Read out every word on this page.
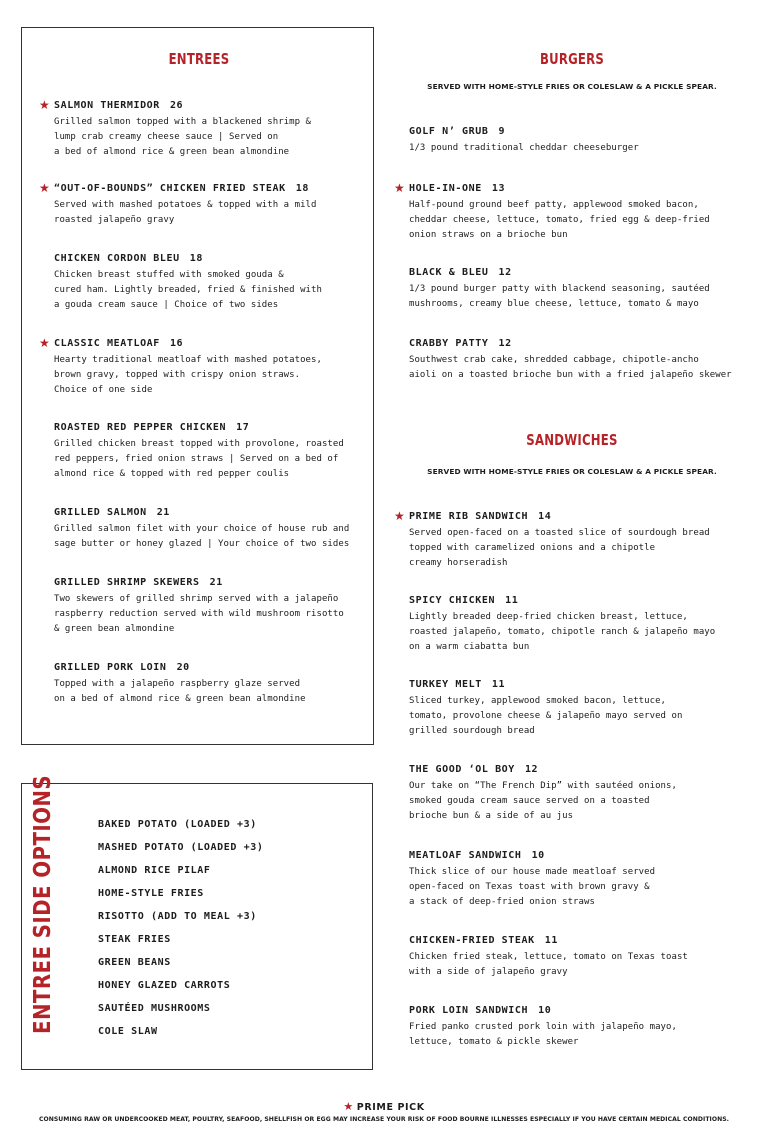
ENTREES
★ SALMON THERMIDOR 26
Grilled salmon topped with a blackened shrimp &
lump crab creamy cheese sauce | Served on
a bed of almond rice & green bean almondine
★ “OUT-OF-BOUNDS” CHICKEN FRIED STEAK 18
Served with mashed potatoes & topped with a mild
roasted jalapeño gravy
CHICKEN CORDON BLEU 18
Chicken breast stuffed with smoked gouda &
cured ham. Lightly breaded, fried & finished with
a gouda cream sauce | Choice of two sides
★ CLASSIC MEATLOAF 16
Hearty traditional meatloaf with mashed potatoes,
brown gravy, topped with crispy onion straws.
Choice of one side
ROASTED RED PEPPER CHICKEN 17
Grilled chicken breast topped with provolone, roasted
red peppers, fried onion straws | Served on a bed of
almond rice & topped with red pepper coulis
GRILLED SALMON 21
Grilled salmon filet with your choice of house rub and
sage butter or honey glazed | Your choice of two sides
GRILLED SHRIMP SKEWERS 21
Two skewers of grilled shrimp served with a jalapeño
raspberry reduction served with wild mushroom risotto
& green bean almondine
GRILLED PORK LOIN 20
Topped with a jalapeño raspberry glaze served
on a bed of almond rice & green bean almondine
ENTREE SIDE OPTIONS	BAKED POTATO (LOADED +3)
MASHED POTATO (LOADED +3)
ALMOND RICE PILAF
HOME-STYLE FRIES
RISOTTO (ADD TO MEAL +3)
STEAK FRIES
GREEN BEANS
HONEY GLAZED CARROTS
SAUTÉED MUSHROOMS
COLE SLAW
BURGERS
SERVED WITH HOME-STYLE FRIES OR COLESLAW & A PICKLE SPEAR.
GOLF N’ GRUB 9
1/3 pound traditional cheddar cheeseburger
★ HOLE-IN-ONE 13
Half-pound ground beef patty, applewood smoked bacon,
cheddar cheese, lettuce, tomato, fried egg & deep-fried
onion straws on a brioche bun
BLACK & BLEU 12
1/3 pound burger patty with blackend seasoning, sautéed
mushrooms, creamy blue cheese, lettuce, tomato & mayo
CRABBY PATTY 12
Southwest crab cake, shredded cabbage, chipotle-ancho
aioli on a toasted brioche bun with a fried jalapeño skewer
SANDWICHES
SERVED WITH HOME-STYLE FRIES OR COLESLAW & A PICKLE SPEAR.
★ PRIME RIB SANDWICH 14
Served open-faced on a toasted slice of sourdough bread
topped with caramelized onions and a chipotle
creamy horseradish
SPICY CHICKEN 11
Lightly breaded deep-fried chicken breast, lettuce,
roasted jalapeño, tomato, chipotle ranch & jalapeño mayo
on a warm ciabatta bun
TURKEY MELT 11
Sliced turkey, applewood smoked bacon, lettuce,
tomato, provolone cheese & jalapeño mayo served on
grilled sourdough bread
THE GOOD ‘OL BOY 12
Our take on “The French Dip” with sautéed onions,
smoked gouda cream sauce served on a toasted
brioche bun & a side of au jus
MEATLOAF SANDWICH 10
Thick slice of our house made meatloaf served
open-faced on Texas toast with brown gravy &
a stack of deep-fried onion straws
CHICKEN-FRIED STEAK 11
Chicken fried steak, lettuce, tomato on Texas toast
with a side of jalapeño gravy
PORK LOIN SANDWICH 10
Fried panko crusted pork loin with jalapeño mayo,
lettuce, tomato & pickle skewer
★ PRIME PICK
CONSUMING RAW OR UNDERCOOKED MEAT, POULTRY, SEAFOOD, SHELLFISH OR EGG MAY INCREASE YOUR RISK OF FOOD BOURNE ILLNESSES ESPECIALLY IF YOU HAVE CERTAIN MEDICAL CONDITIONS.
